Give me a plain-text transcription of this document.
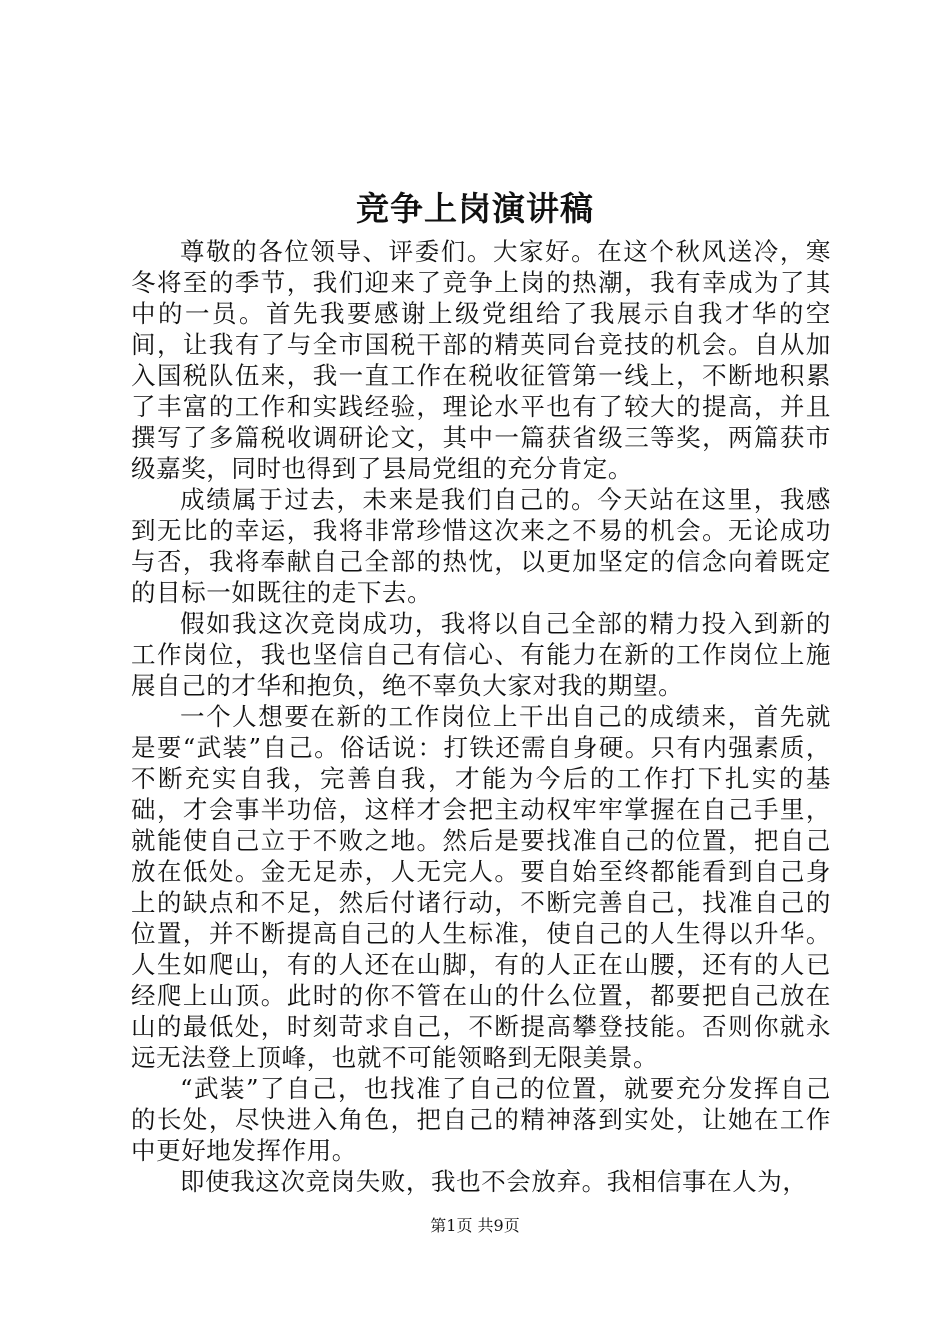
竞争上岗演讲稿

尊敬的各位领导、评委们。大家好。在这个秋风送冷，寒冬将至的季节，我们迎来了竞争上岗的热潮，我有幸成为了其中的一员。首先我要感谢上级党组给了我展示自我才华的空间，让我有了与全市国税干部的精英同台竞技的机会。自从加入国税队伍来，我一直工作在税收征管第一线上，不断地积累了丰富的工作和实践经验，理论水平也有了较大的提高，并且撰写了多篇税收调研论文，其中一篇获省级三等奖，两篇获市级嘉奖，同时也得到了县局党组的充分肯定。

成绩属于过去，未来是我们自己的。今天站在这里，我感到无比的幸运，我将非常珍惜这次来之不易的机会。无论成功与否，我将奉献自己全部的热忱，以更加坚定的信念向着既定的目标一如既往的走下去。

假如我这次竞岗成功，我将以自己全部的精力投入到新的工作岗位，我也坚信自己有信心、有能力在新的工作岗位上施展自己的才华和抱负，绝不辜负大家对我的期望。

一个人想要在新的工作岗位上干出自己的成绩来，首先就是要“武装”自己。俗话说：打铁还需自身硬。只有内强素质，不断充实自我，完善自我，才能为今后的工作打下扎实的基础，才会事半功倍，这样才会把主动权牢牢掌握在自己手里，就能使自己立于不败之地。然后是要找准自己的位置，把自己放在低处。金无足赤，人无完人。要自始至终都能看到自己身上的缺点和不足，然后付诸行动，不断完善自己，找准自己的位置，并不断提高自己的人生标准，使自己的人生得以升华。人生如爬山，有的人还在山脚，有的人正在山腰，还有的人已经爬上山顶。此时的你不管在山的什么位置，都要把自己放在山的最低处，时刻苛求自己，不断提高攀登技能。否则你就永远无法登上顶峰，也就不可能领略到无限美景。

“武装”了自己，也找准了自己的位置，就要充分发挥自己的长处，尽快进入角色，把自己的精神落到实处，让她在工作中更好地发挥作用。

即使我这次竞岗失败，我也不会放弃。我相信事在人为，

第1页 共9页
